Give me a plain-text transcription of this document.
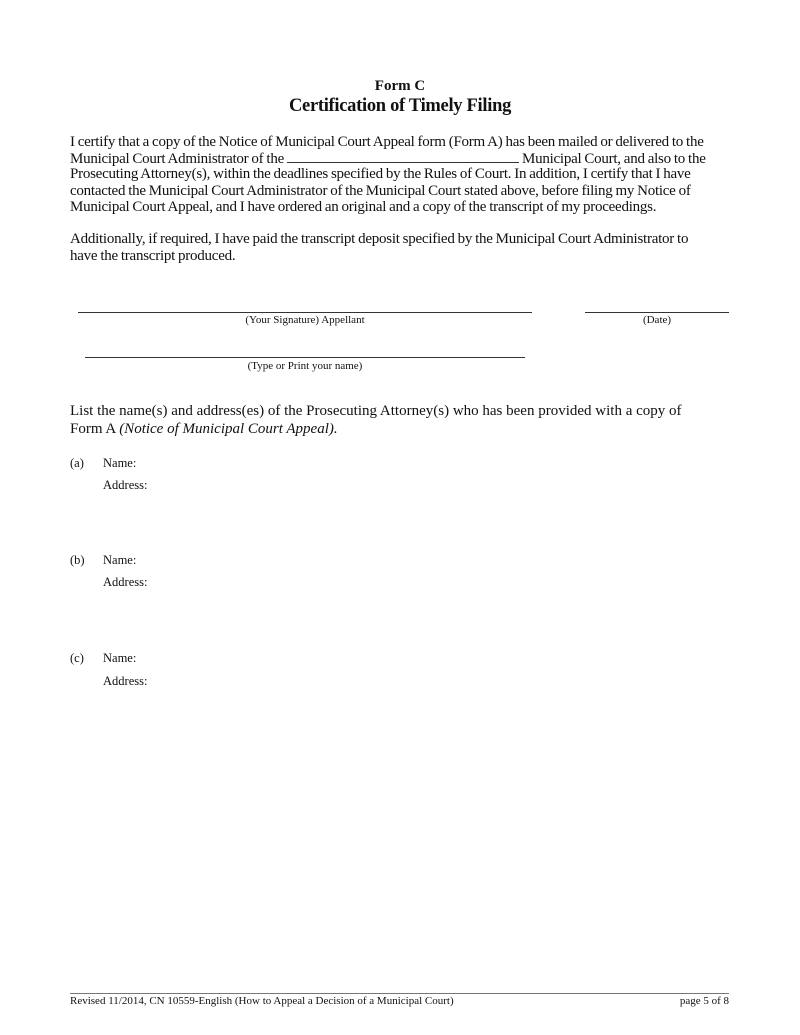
Form C
Certification of Timely Filing
I certify that a copy of the Notice of Municipal Court Appeal form (Form A) has been mailed or delivered to the
Municipal Court Administrator of the	Municipal Court, and also to the
Prosecuting Attorney(s), within the deadlines specified by the Rules of Court. In addition, I certify that I have
contacted the Municipal Court Administrator of the Municipal Court stated above, before filing my Notice of
Municipal Court Appeal, and I have ordered an original and a copy of the transcript of my proceedings.
Additionally, if required, I have paid the transcript deposit specified by the Municipal Court Administrator to
have the transcript produced.
(Your Signature) Appellant	(Date)
(Type or Print your name)
List the name(s) and address(es) of the Prosecuting Attorney(s) who has been provided with a copy of
Form A (Notice of Municipal Court Appeal).
(a) Name:
Address:
(b) Name:
Address:
(c) Name:
Address:
Revised 11/2014, CN 10559-English (How to Appeal a Decision of a Municipal Court)	page 5 of 8
